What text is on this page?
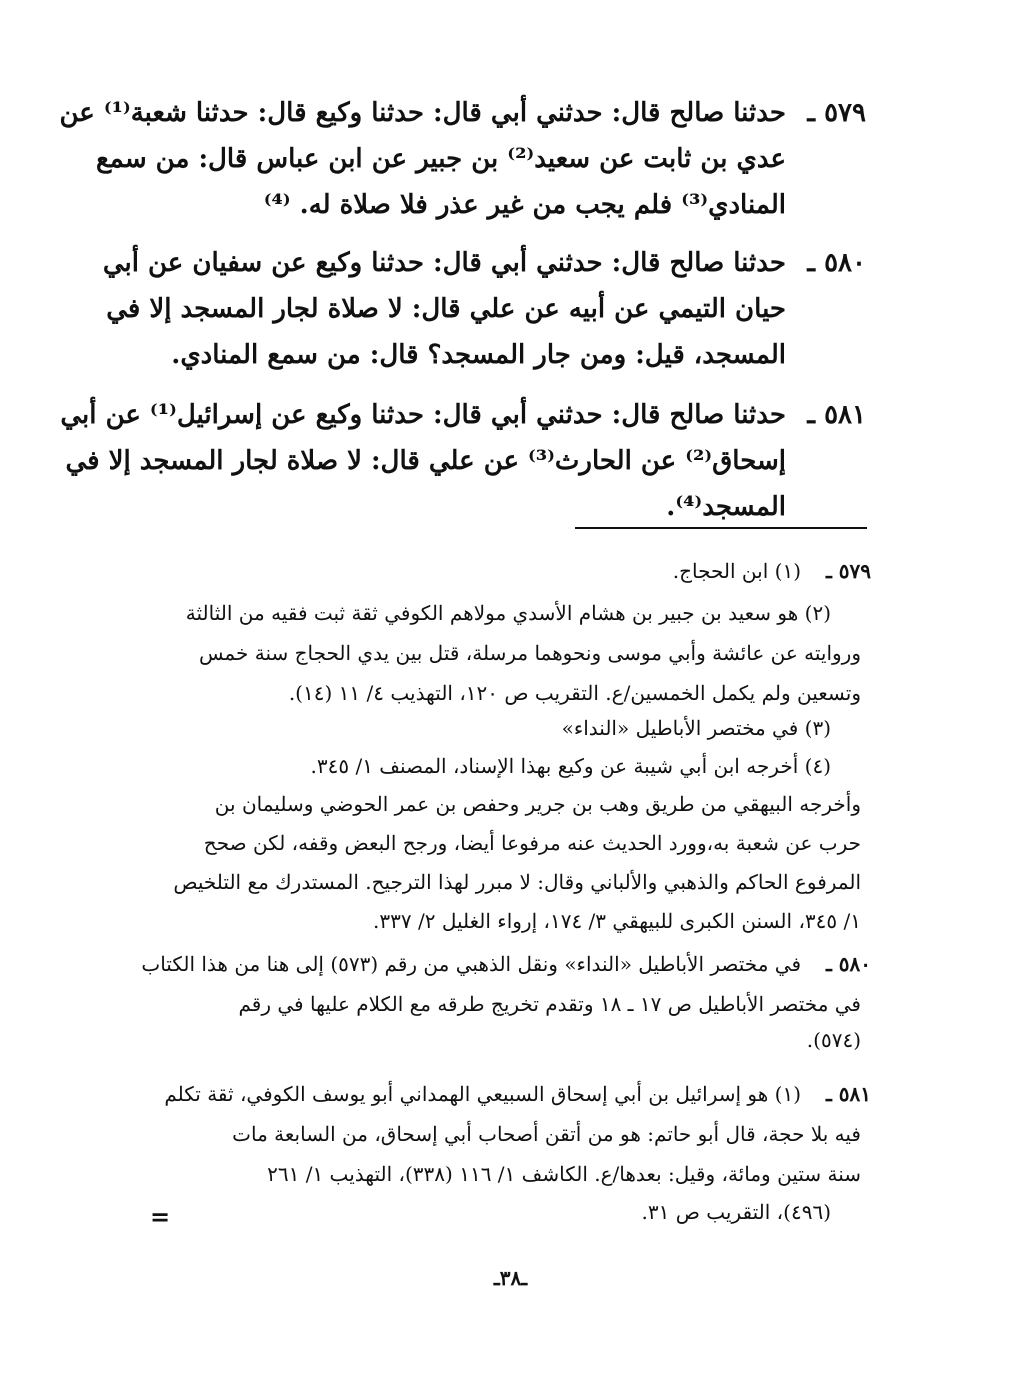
٥٧٩ ـ
حدثنا صالح قال: حدثني أبي قال: حدثنا وكيع قال: حدثنا شعبة⁽¹⁾ عن
عدي بن ثابت عن سعيد⁽²⁾ بن جبير عن ابن عباس قال: من سمع
المنادي⁽³⁾ فلم يجب من غير عذر فلا صلاة له. ⁽⁴⁾
٥٨٠ ـ
حدثنا صالح قال: حدثني أبي قال: حدثنا وكيع عن سفيان عن أبي
حيان التيمي عن أبيه عن علي قال: لا صلاة لجار المسجد إلا في
المسجد، قيل: ومن جار المسجد؟ قال: من سمع المنادي.
٥٨١ ـ
حدثنا صالح قال: حدثني أبي قال: حدثنا وكيع عن إسرائيل⁽¹⁾ عن أبي
إسحاق⁽²⁾ عن الحارث⁽³⁾ عن علي قال: لا صلاة لجار المسجد إلا في
المسجد⁽⁴⁾.
٥٧٩ ـ
(١) ابن الحجاج.
(٢) هو سعيد بن جبير بن هشام الأسدي مولاهم الكوفي ثقة ثبت فقيه من الثالثة
وروايته عن عائشة وأبي موسى ونحوهما مرسلة، قتل بين يدي الحجاج سنة خمس
وتسعين ولم يكمل الخمسين/ع. التقريب ص ١٢٠، التهذيب ٤/ ١١ (١٤).
(٣) في مختصر الأباطيل «النداء»
(٤) أخرجه ابن أبي شيبة عن وكيع بهذا الإسناد، المصنف ١/ ٣٤٥.
وأخرجه البيهقي من طريق وهب بن جرير وحفص بن عمر الحوضي وسليمان بن
حرب عن شعبة به،وورد الحديث عنه مرفوعا أيضا، ورجح البعض وقفه، لكن صحح
المرفوع الحاكم والذهبي والألباني وقال: لا مبرر لهذا الترجيح. المستدرك مع التلخيص
١/ ٣٤٥، السنن الكبرى للبيهقي ٣/ ١٧٤، إرواء الغليل ٢/ ٣٣٧.
٥٨٠ ـ
في مختصر الأباطيل «النداء» ونقل الذهبي من رقم (٥٧٣) إلى هنا من هذا الكتاب
في مختصر الأباطيل ص ١٧ ـ ١٨ وتقدم تخريج طرقه مع الكلام عليها في رقم
(٥٧٤).
٥٨١ ـ
(١) هو إسرائيل بن أبي إسحاق السبيعي الهمداني أبو يوسف الكوفي، ثقة تكلم
فيه بلا حجة، قال أبو حاتم: هو من أتقن أصحاب أبي إسحاق، من السابعة مات
سنة ستين ومائة، وقيل: بعدها/ع. الكاشف ١/ ١١٦ (٣٣٨)، التهذيب ١/ ٢٦١
(٤٩٦)، التقريب ص ٣١.
=
ـ٣٨ـ
